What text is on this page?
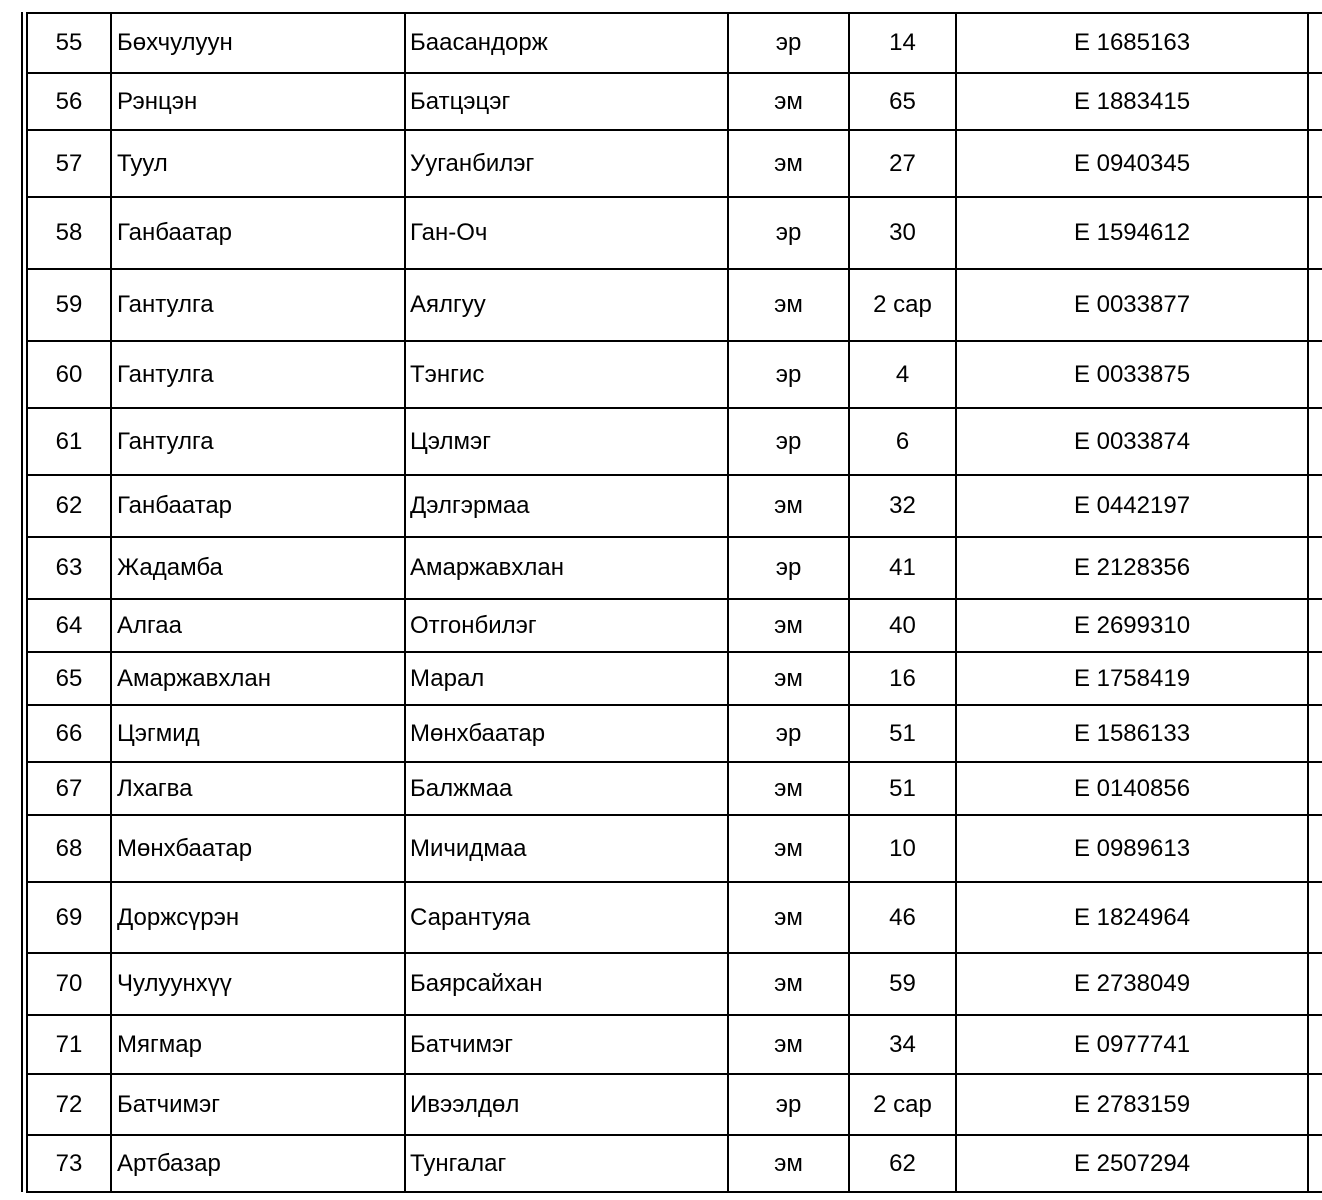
55	Бөхчулуун	Баасандорж	эр	14	Е 1685163	
56	Рэнцэн	Батцэцэг	эм	65	Е 1883415	
57	Туул	Ууганбилэг	эм	27	Е 0940345	
58	Ганбаатар	Ган-Оч	эр	30	Е 1594612	
59	Гантулга	Аялгуу	эм	2 сар	Е 0033877	
60	Гантулга	Тэнгис	эр	4	Е 0033875	
61	Гантулга	Цэлмэг	эр	6	Е 0033874	
62	Ганбаатар	Дэлгэрмаа	эм	32	Е 0442197	
63	Жадамба	Амаржавхлан	эр	41	Е 2128356	
64	Алгаа	Отгонбилэг	эм	40	Е 2699310	
65	Амаржавхлан	Марал	эм	16	Е 1758419	
66	Цэгмид	Мөнхбаатар	эр	51	Е 1586133	
67	Лхагва	Балжмаа	эм	51	Е 0140856	
68	Мөнхбаатар	Мичидмаа	эм	10	Е 0989613	
69	Доржсүрэн	Сарантуяа	эм	46	Е 1824964	
70	Чулуунхүү	Баярсайхан	эм	59	Е 2738049	
71	Мягмар	Батчимэг	эм	34	Е 0977741	
72	Батчимэг	Ивээлдөл	эр	2 сар	Е 2783159	
73	Артбазар	Тунгалаг	эм	62	Е 2507294	
